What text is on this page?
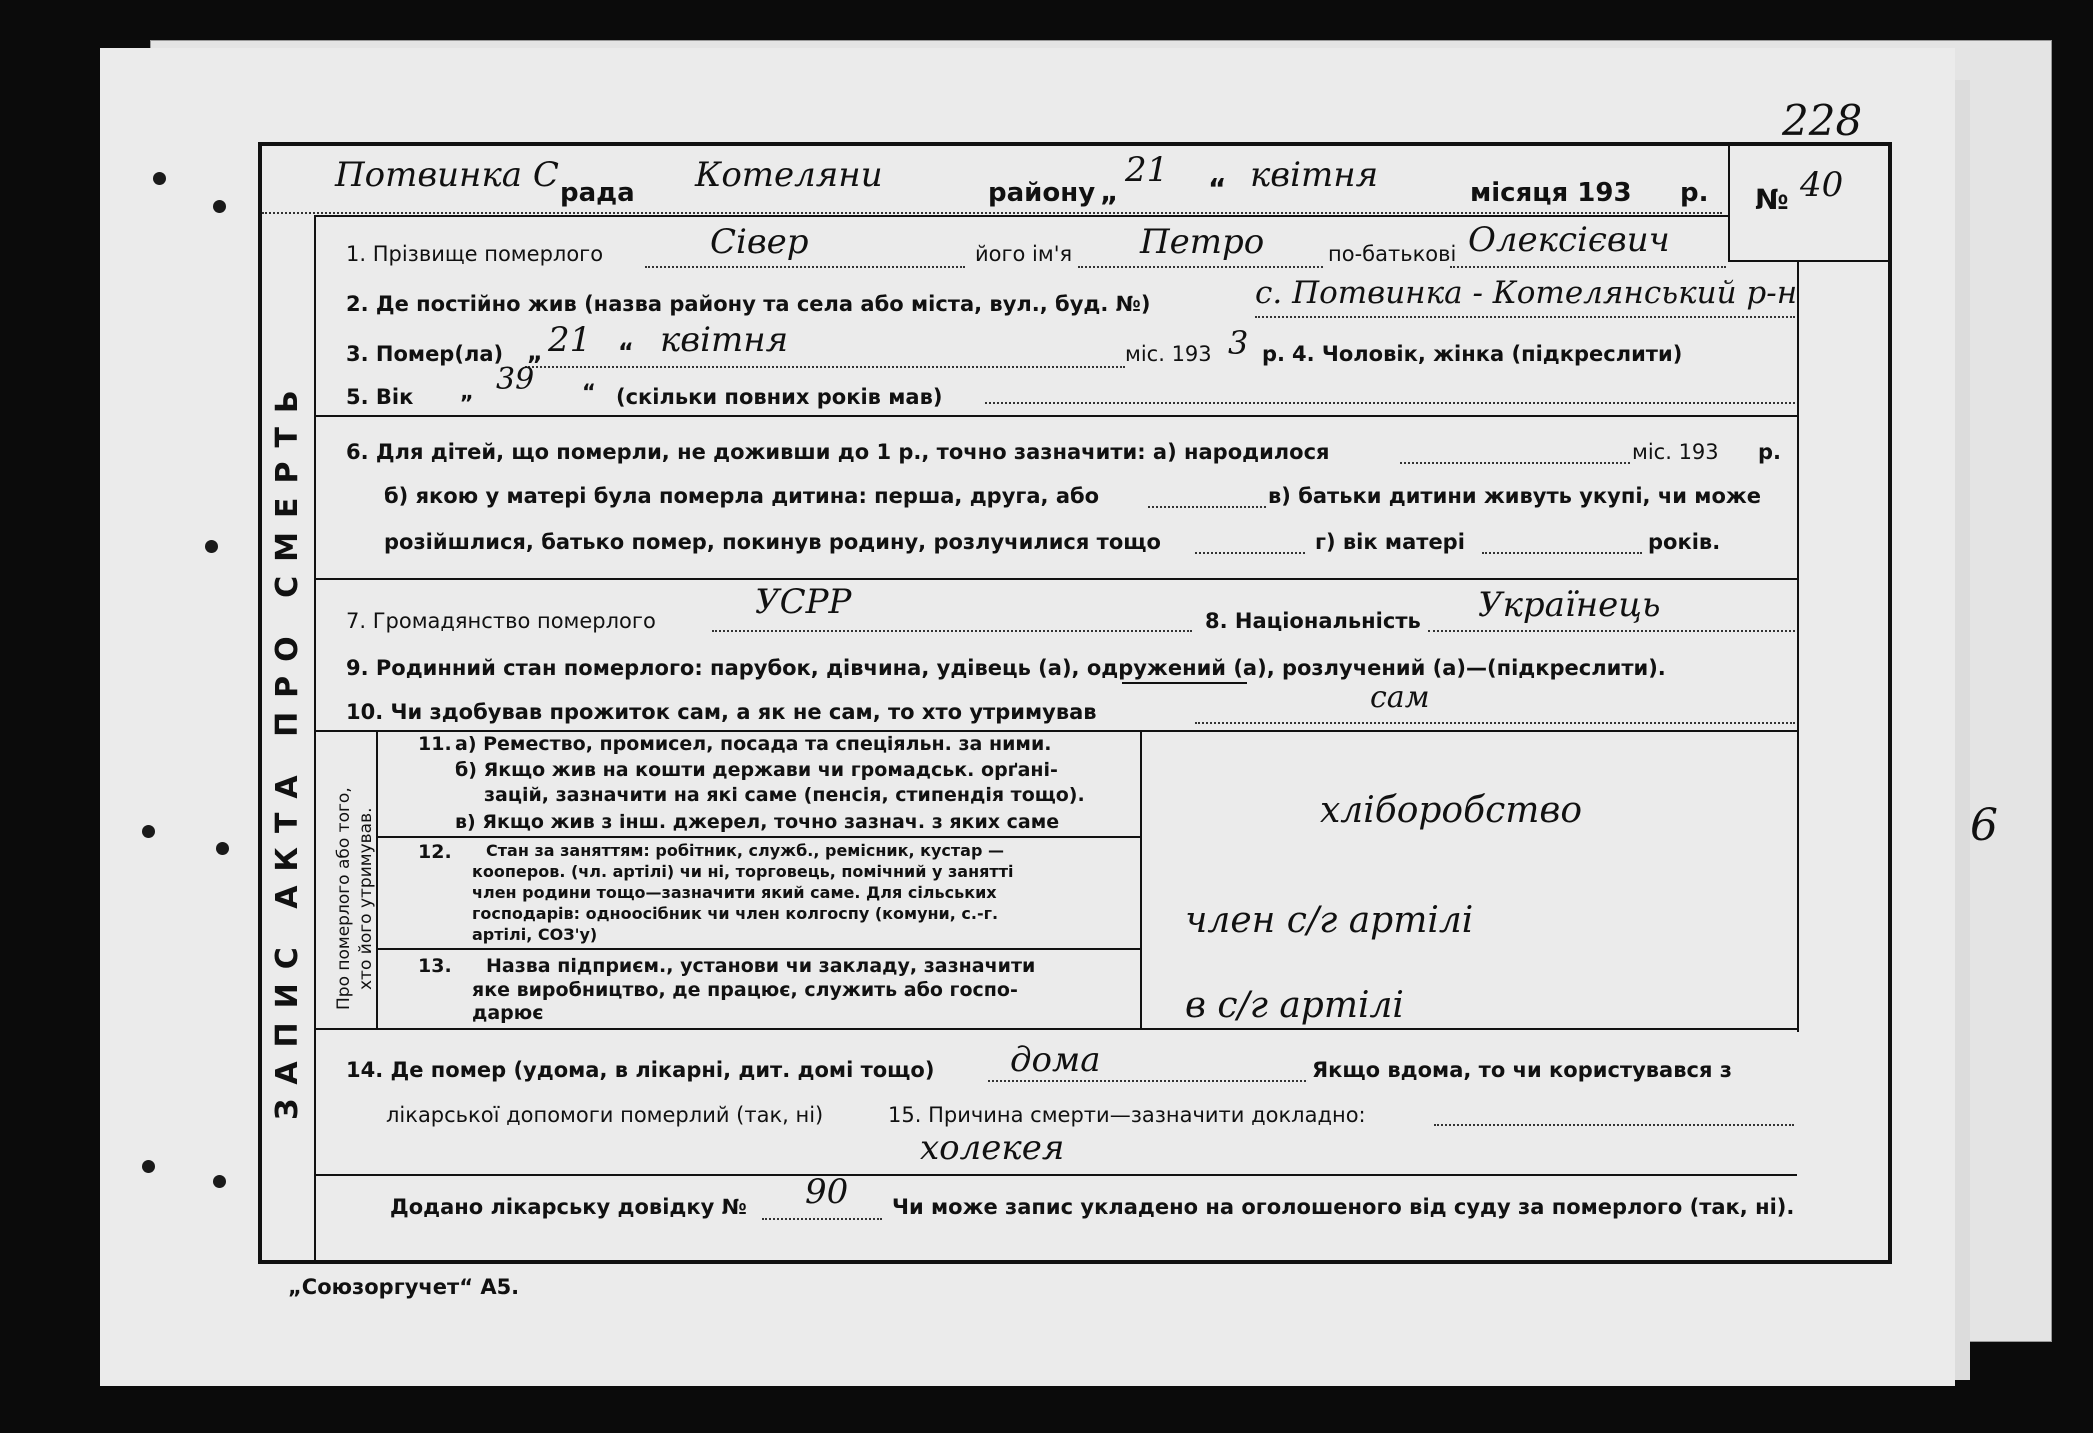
228
6
Потвинка С рада Котеляни	району „
21 “ квітня	місяця 193 р. № 40
ЗАПИС АКТА ПРО СМЕРТЬ Про померлого або того, хто його утримував.
1. Прізвище померлого	Сівер	його ім'я Петро	по-батькові Олексієвич
2. Де постійно жив (назва району та села або міста, вул., буд. №)	с. Потвинка - Котелянський р-н
3. Помер(ла) „ 21 “ квітня	міс. 193 3 р. 4. Чоловік, жінка (підкреслити)
5. Вік „ 39 “ (скільки повних років мав)
6. Для дітей, що померли, не доживши до 1 р., точно зазначити: а) народилося	міс. 193 р.
б) якою у матері була померла дитина: перша, друга, або	в) батьки дитини живуть укупі, чи може
розійшлися, батько помер, покинув родину, розлучилися тощо	г) вік матері	років.
7. Громадянство померлого	УСРР	8. Національність Українець
9. Родинний стан померлого: парубок, дівчина, удівець (а), одружений (а), розлучений (а)—(підкреслити).
10. Чи здобував прожиток сам, а як не сам, то хто утримував	сам
11. а) Ремество, промисел, посада та спеціяльн. за ними.
б) Якщо жив на кошти держави чи громадськ. орґані-
зацій, зазначити на які саме (пенсія, стипендія тощо).
в) Якщо жив з інш. джерел, точно зазнач. з яких саме	хліборобство
12. Стан за заняттям: робітник, служб., ремісник, кустар —
кооперов. (чл. артілі) чи ні, торговець, помічний у занятті
член родини тощо—зазначити який саме. Для сільських
господарів: одноосібник чи член колгоспу (комуни, с.-г.
артілі, СОЗ'у)	член с/г артілі
13. Назва підприєм., установи чи закладу, зазначити
яке виробництво, де працює, служить або госпо-
дарює	в с/г артілі
14. Де помер (удома, в лікарні, дит. домі тощо) дома	Якщо вдома, то чи користувався з
лікарської допомоги померлий (так, ні)	15. Причина смерти—зазначити докладно:
холекея
Додано лікарську довідку № 90 Чи може запис укладено на оголошеного від суду за померлого (так, ні).
„Союзоргучет“ А5.
